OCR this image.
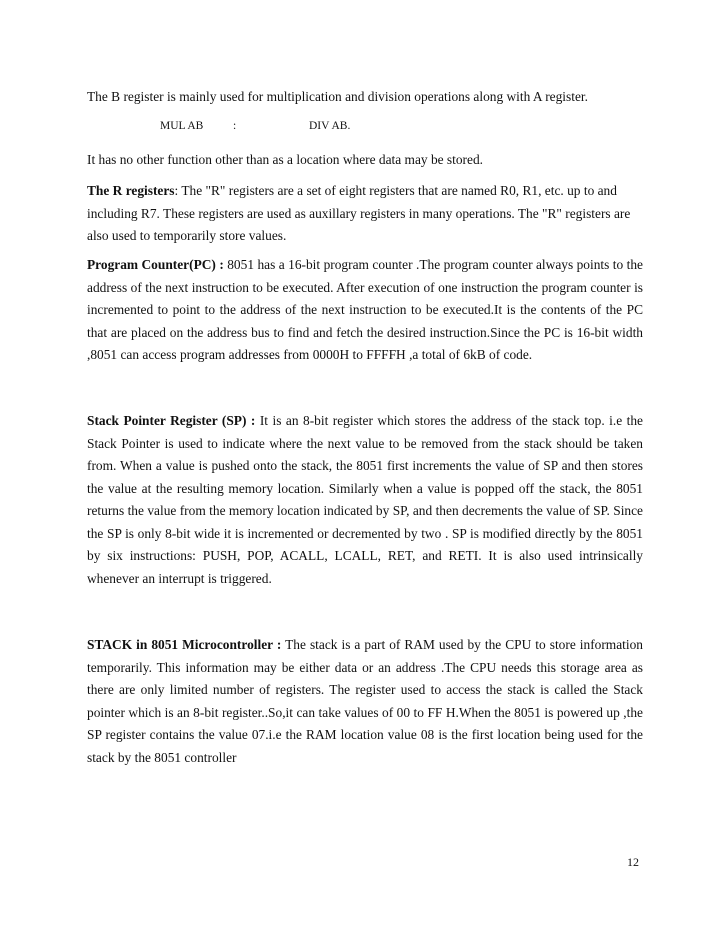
The B register is mainly used for multiplication and division operations along with A register.

MUL AB	:	DIV AB.

It has no other function other than as a location where data may be stored.

The R registers: The "R" registers are a set of eight registers that are named R0, R1, etc. up to and including R7. These registers are used as auxillary registers in many operations. The "R" registers are also used to temporarily store values.

Program Counter(PC) : 8051 has a 16-bit program counter .The program counter always points to the address of the next instruction to be executed. After execution of one instruction the program counter is incremented to point to the address of the next instruction to be executed.It is the contents of the PC that are placed on the address bus to find and fetch the desired instruction.Since the PC is 16-bit width ,8051 can access program addresses from 0000H to FFFFH ,a total of 6kB of code.

Stack Pointer Register (SP) : It is an 8-bit register which stores the address of the stack top. i.e the Stack Pointer is used to indicate where the next value to be removed from the stack should be taken from. When a value is pushed onto the stack, the 8051 first increments the value of SP and then stores the value at the resulting memory location. Similarly when a value is popped off the stack, the 8051 returns the value from the memory location indicated by SP, and then decrements the value of SP. Since the SP is only 8-bit wide it is incremented or decremented by two . SP is modified directly by the 8051 by six instructions: PUSH, POP, ACALL, LCALL, RET, and RETI. It is also used intrinsically whenever an interrupt is triggered.

STACK in 8051 Microcontroller : The stack is a part of RAM used by the CPU to store information temporarily. This information may be either data or an address .The CPU needs this storage area as there are only limited number of registers. The register used to access the stack is called the Stack pointer which is an 8-bit register..So,it can take values of 00 to FF H.When the 8051 is powered up ,the SP register contains the value 07.i.e the RAM location value 08 is the first location being used for the stack by the 8051 controller

12
